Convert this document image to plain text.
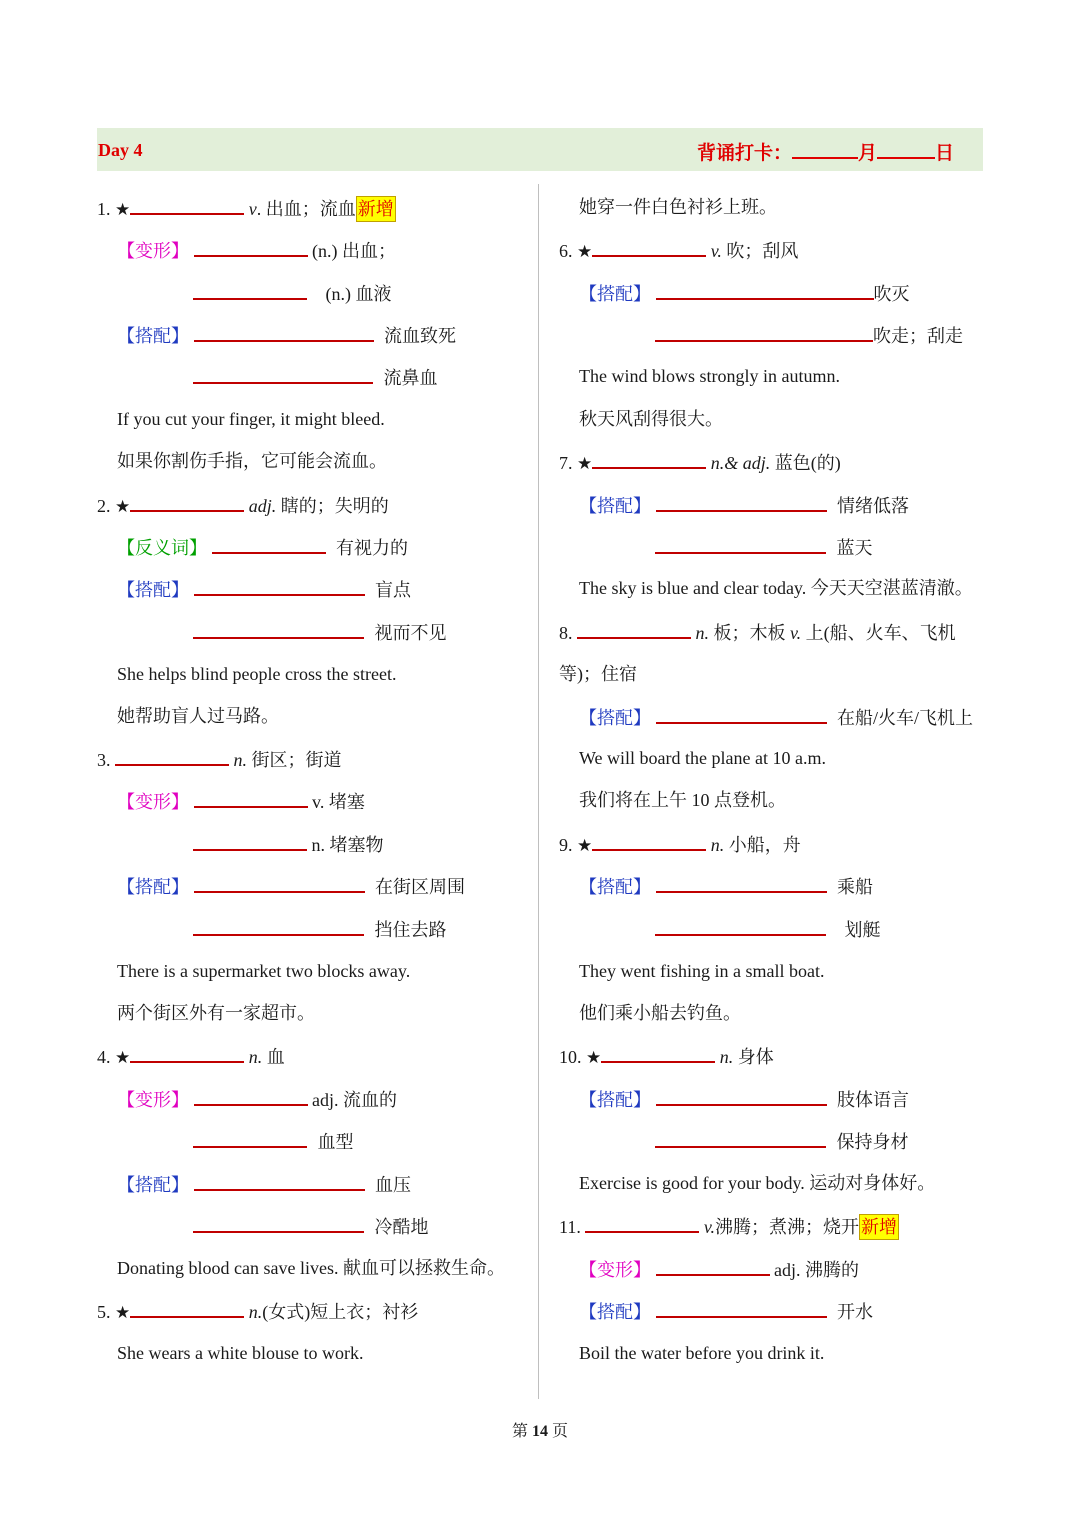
Day 4	背诵打卡：	月	日
1. ★	v. 出血；流血 新增
【变形】	(n.) 出血；
(n.) 血液
【搭配】	流血致死
流鼻血
If you cut your finger, it might bleed.
如果你割伤手指，它可能会流血。
2. ★	adj. 瞎的；失明的
【反义词】	有视力的
【搭配】	盲点
视而不见
She helps blind people cross the street.
她帮助盲人过马路。
3.	n. 街区；街道
【变形】	v. 堵塞
n. 堵塞物
【搭配】	在街区周围
挡住去路
There is a supermarket two blocks away.
两个街区外有一家超市。
4. ★	n. 血
【变形】	adj. 流血的
血型
【搭配】	血压
冷酷地
Donating blood can save lives. 献血可以拯救生命。
5. ★	n.(女式)短上衣；衬衫
She wears a white blouse to work.
她穿一件白色衬衫上班。
6. ★	v. 吹；刮风
【搭配】	吹灭
吹走；刮走
The wind blows strongly in autumn.
秋天风刮得很大。
7. ★	n.& adj. 蓝色(的)
【搭配】	情绪低落
蓝天
The sky is blue and clear today. 今天天空湛蓝清澈。
8.	n. 板；木板 v. 上(船、火车、飞机
等)；住宿
【搭配】	在船/火车/飞机上
We will board the plane at 10 a.m.
我们将在上午 10 点登机。
9. ★	n. 小船，舟
【搭配】	乘船
划艇
They went fishing in a small boat.
他们乘小船去钓鱼。
10. ★	n. 身体
【搭配】	肢体语言
保持身材
Exercise is good for your body. 运动对身体好。
11.	v.沸腾；煮沸；烧开 新增
【变形】	adj. 沸腾的
【搭配】	开水
Boil the water before you drink it.
第 14 页
